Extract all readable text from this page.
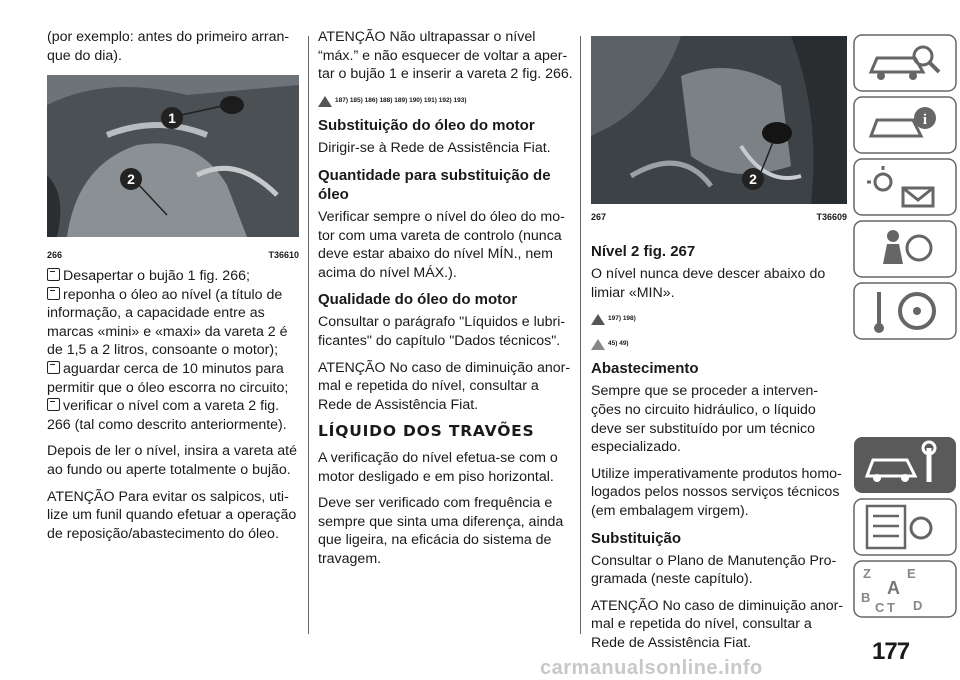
(por exemplo: antes do primeiro arran-que do dia).

1
2
266	T36610

Desapertar o bujão 1 fig. 266;

reponha o óleo ao nível (a título de informação, a capacidade entre as marcas «mini» e «maxi» da vareta 2 é de 1,5 a 2 litros, consoante o motor);

aguardar cerca de 10 minutos para permitir que o óleo escorra no circuito;

verificar o nível com a vareta 2 fig. 266 (tal como descrito anteriormente).

Depois de ler o nível, insira a vareta até ao fundo ou aperte totalmente o bujão.

ATENÇÃO Para evitar os salpicos, uti-lize um funil quando efetuar a operação de reposição/abastecimento do óleo.

ATENÇÃO Não ultrapassar o nível “máx.” e não esquecer de voltar a aper-tar o bujão 1 e inserir a vareta 2 fig. 266.

187) 185) 186) 188) 189) 190) 191) 192) 193)
Substituição do óleo do motor

Dirigir-se à Rede de Assistência Fiat.

Quantidade para substituição de óleo

Verificar sempre o nível do óleo do mo-tor com uma vareta de controlo (nunca deve estar abaixo do nível MÍN., nem acima do nível MÁX.).

Qualidade do óleo do motor

Consultar o parágrafo "Líquidos e lubri-ficantes" do capítulo "Dados técnicos".

ATENÇÃO No caso de diminuição anor-mal e repetida do nível, consultar a Rede de Assistência Fiat.

LÍQUIDO DOS TRAVÕES

A verificação do nível efetua-se com o motor desligado e em piso horizontal.

Deve ser verificado com frequência e sempre que sinta uma diferença, ainda que ligeira, na eficácia do sistema de travagem.

2
267	T36609
Nível 2 fig. 267

O nível nunca deve descer abaixo do limiar «MIN».

197) 198)
45) 49)
Abastecimento

Sempre que se proceder a interven-ções no circuito hidráulico, o líquido deve ser substituído por um técnico especializado.

Utilize imperativamente produtos homo-logados pelos nossos serviços técnicos (em embalagem virgem).

Substituição

Consultar o Plano de Manutenção Pro-gramada (neste capítulo).

ATENÇÃO No caso de diminuição anor-mal e repetida do nível, consultar a Rede de Assistência Fiat.

i
Z	E
A
B
C T D
177
carmanualsonline.info
